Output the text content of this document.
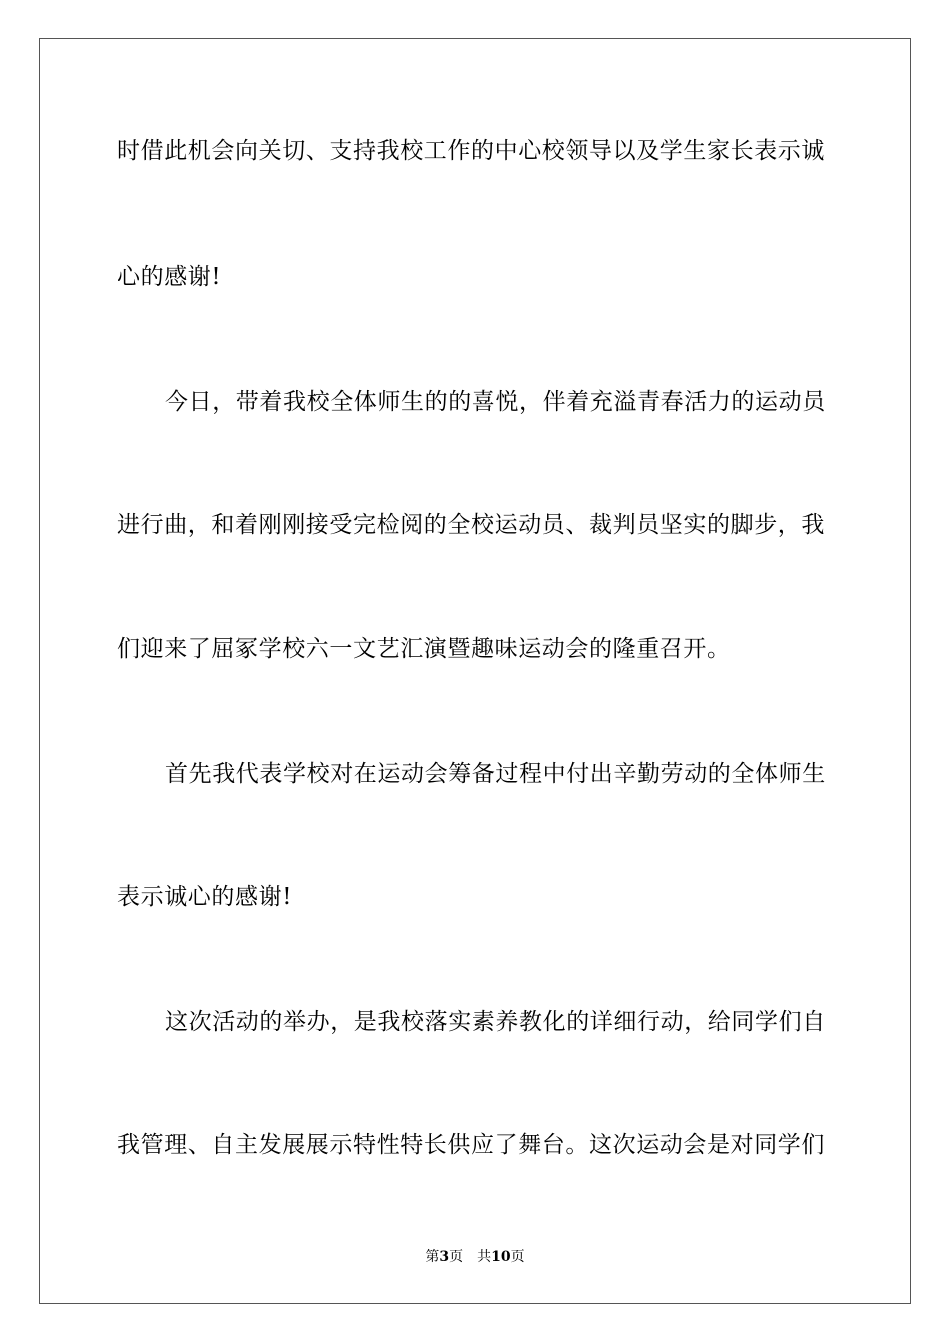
时借此机会向关切、支持我校工作的中心校领导以及学生家长表示诚
心的感谢!
今日，带着我校全体师生的的喜悦，伴着充溢青春活力的运动员
进行曲，和着刚刚接受完检阅的全校运动员、裁判员坚实的脚步，我
们迎来了屈冢学校六一文艺汇演暨趣味运动会的隆重召开。
首先我代表学校对在运动会筹备过程中付出辛勤劳动的全体师生
表示诚心的感谢!
这次活动的举办，是我校落实素养教化的详细行动，给同学们自
我管理、自主发展展示特性特长供应了舞台。这次运动会是对同学们
第3页 共10页
